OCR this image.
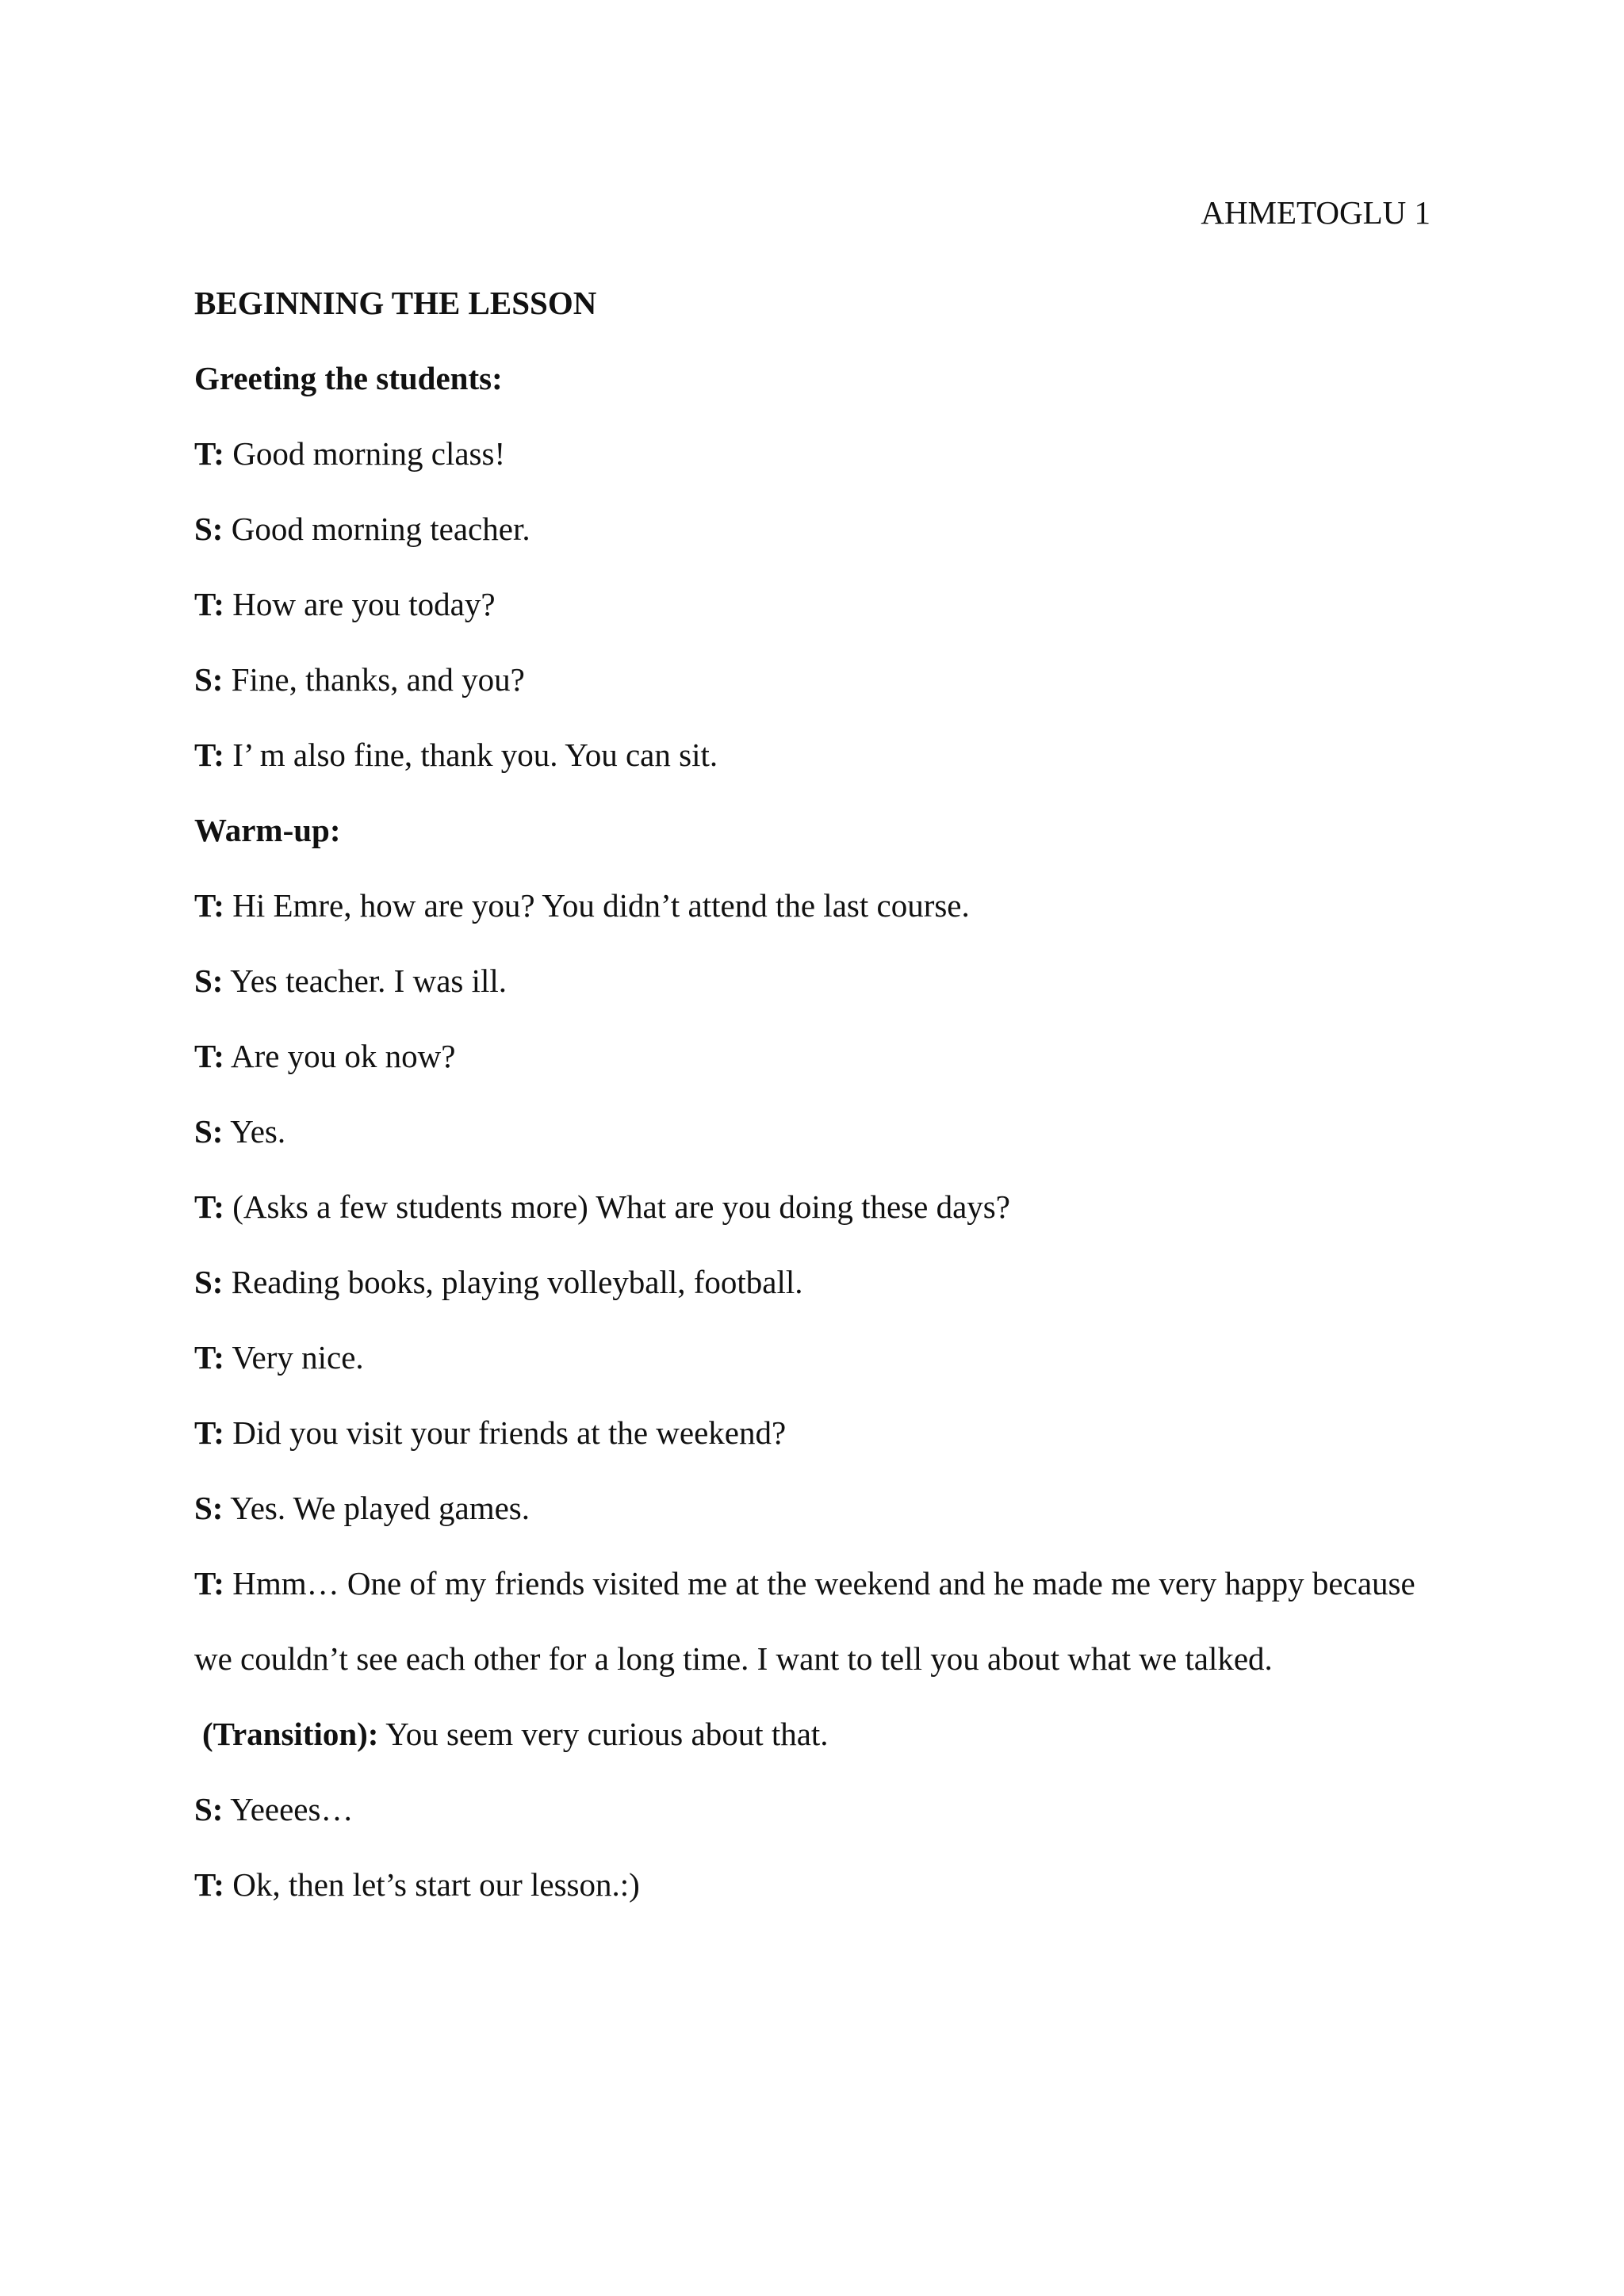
AHMETOGLU 1

BEGINNING THE LESSON

Greeting the students:

T: Good morning class!

S: Good morning teacher.

T: How are you today?

S: Fine, thanks, and you?

T: I’ m also fine, thank you. You can sit.

Warm-up:

T: Hi Emre, how are you? You didn’t attend the last course.

S: Yes teacher. I was ill.

T: Are you ok now?

S: Yes.

T: (Asks a few students more) What are you doing these days?

S: Reading books, playing volleyball, football.

T: Very nice.

T: Did you visit your friends at the weekend?

S: Yes. We played games.

T: Hmm… One of my friends visited me at the weekend and he made me very happy because we couldn’t see each other for a long time. I want to tell you about what we talked.

(Transition): You seem very curious about that.

S: Yeeees…

T: Ok, then let’s start our lesson.:)
